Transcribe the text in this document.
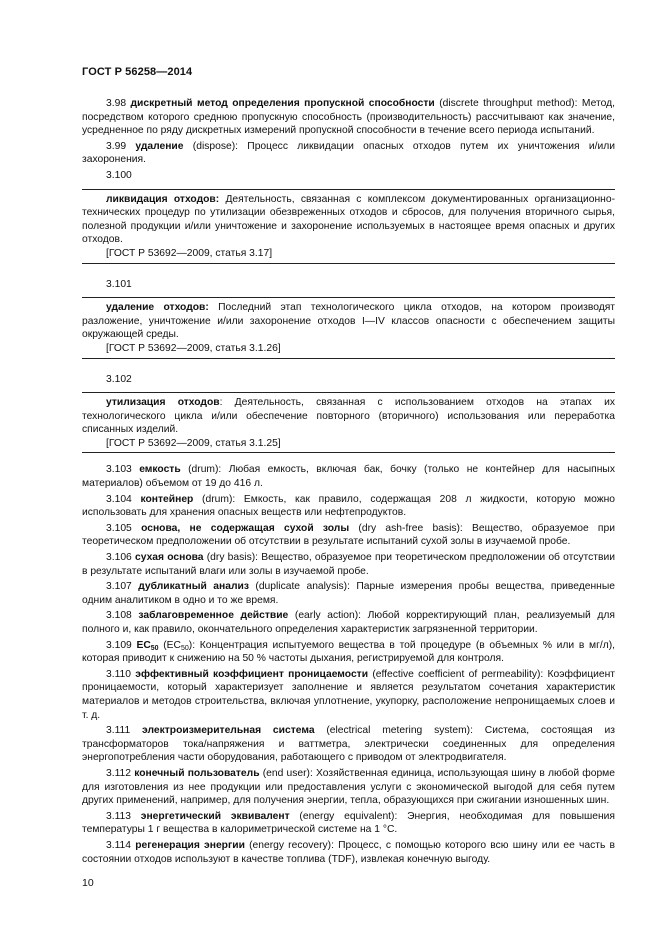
ГОСТ Р 56258—2014

3.98 дискретный метод определения пропускной способности (discrete throughput method): Метод, посредством которого среднюю пропускную способность (производительность) рассчитывают как значение, усредненное по ряду дискретных измерений пропускной способности в течение всего периода испытаний.

3.99 удаление (dispose): Процесс ликвидации опасных отходов путем их уничтожения и/или захоронения.

3.100

ликвидация отходов: Деятельность, связанная с комплексом документированных организационно-технических процедур по утилизации обезвреженных отходов и сбросов, для получения вторичного сырья, полезной продукции и/или уничтожение и захоронение используемых в настоящее время опасных и других отходов.

[ГОСТ Р 53692—2009, статья 3.17]

3.101

удаление отходов: Последний этап технологического цикла отходов, на котором производят разложение, уничтожение и/или захоронение отходов I—IV классов опасности с обеспечением защиты окружающей среды.

[ГОСТ Р 53692—2009, статья 3.1.26]

3.102

утилизация отходов: Деятельность, связанная с использованием отходов на этапах их технологического цикла и/или обеспечение повторного (вторичного) использования или переработка списанных изделий.

[ГОСТ Р 53692—2009, статья 3.1.25]

3.103 емкость (drum): Любая емкость, включая бак, бочку (только не контейнер для насыпных материалов) объемом от 19 до 416 л.

3.104 контейнер (drum): Емкость, как правило, содержащая 208 л жидкости, которую можно использовать для хранения опасных веществ или нефтепродуктов.

3.105 основа, не содержащая сухой золы (dry ash-free basis): Вещество, образуемое при теоретическом предположении об отсутствии в результате испытаний сухой золы в изучаемой пробе.

3.106 сухая основа (dry basis): Вещество, образуемое при теоретическом предположении об отсутствии в результате испытаний влаги или золы в изучаемой пробе.

3.107 дубликатный анализ (duplicate analysis): Парные измерения пробы вещества, приведенные одним аналитиком в одно и то же время.

3.108 заблаговременное действие (early action): Любой корректирующий план, реализуемый для полного и, как правило, окончательного определения характеристик загрязненной территории.

3.109 $EC_{50}$ $(EC_{50})$: Концентрация испытуемого вещества в той процедуре (в объемных % или в мг/л), которая приводит к снижению на 50 % частоты дыхания, регистрируемой для контроля.

3.110 эффективный коэффициент проницаемости (effective coefficient of permeability): Коэффициент проницаемости, который характеризует заполнение и является результатом сочетания характеристик материалов и методов строительства, включая уплотнение, укупорку, расположение непронищаемых слоев и т. д.

3.111 электроизмерительная система (electrical metering system): Система, состоящая из трансформаторов тока/напряжения и ваттметра, электрически соединенных для определения энергопотребления части оборудования, работающего с приводом от электродвигателя.

3.112 конечный пользователь (end user): Хозяйственная единица, использующая шину в любой форме для изготовления из нее продукции или предоставления услуги с экономической выгодой для себя путем других применений, например, для получения энергии, тепла, образующихся при сжигании изношенных шин.

3.113 энергетический эквивалент (energy equivalent): Энергия, необходимая для повышения температуры 1 г вещества в калориметрической системе на 1 °С.

3.114 регенерация энергии (energy recovery): Процесс, с помощью которого всю шину или ее часть в состоянии отходов используют в качестве топлива (TDF), извлекая конечную выгоду.

10
